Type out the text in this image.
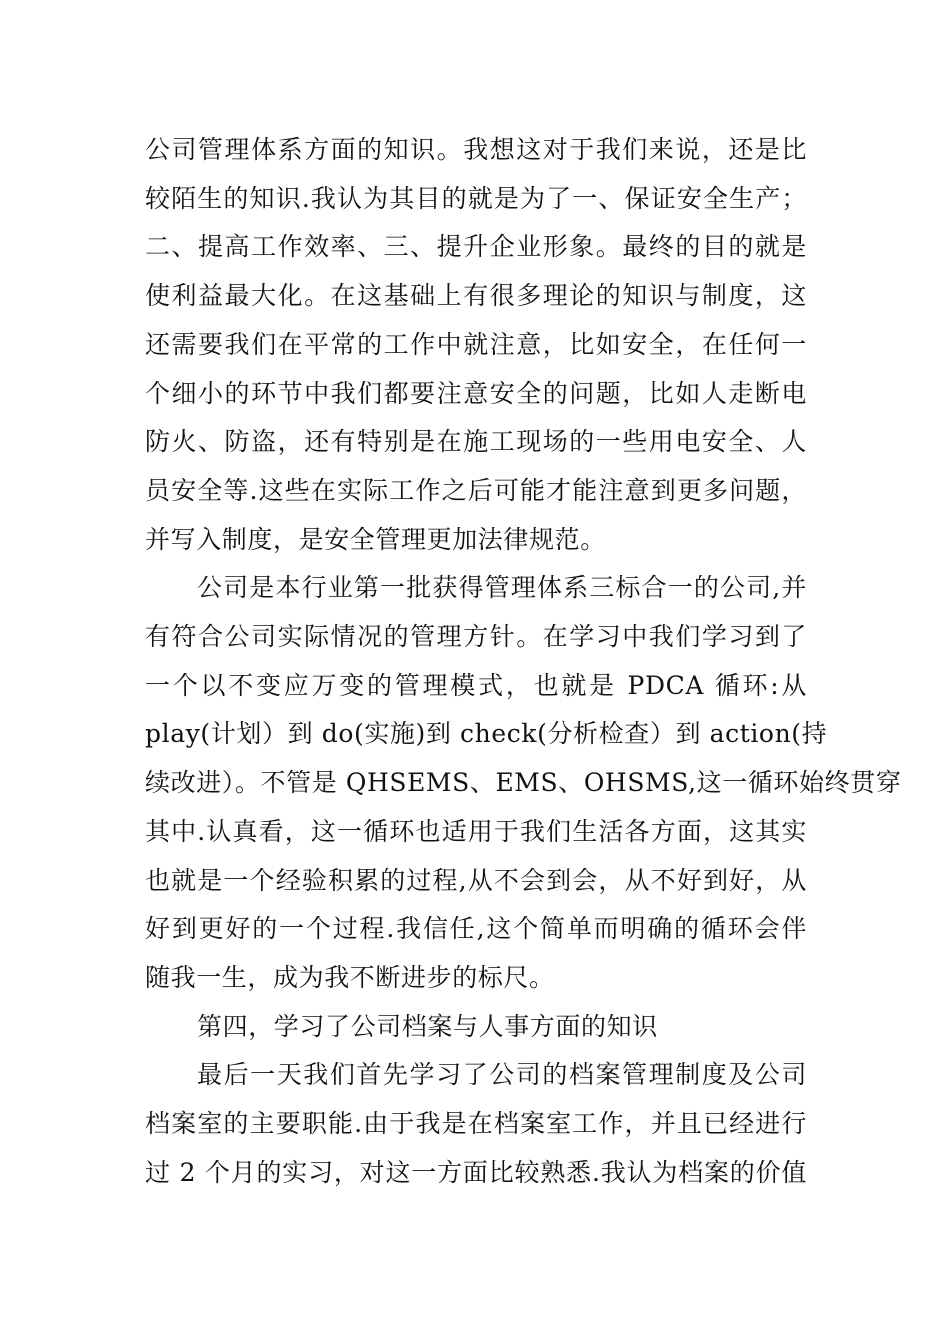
公司管理体系方面的知识。我想这对于我们来说，还是比
较陌生的知识.我认为其目的就是为了一、保证安全生产；
二、提高工作效率、三、提升企业形象。最终的目的就是
使利益最大化。在这基础上有很多理论的知识与制度，这
还需要我们在平常的工作中就注意，比如安全，在任何一
个细小的环节中我们都要注意安全的问题，比如人走断电
防火、防盗，还有特别是在施工现场的一些用电安全、人
员安全等.这些在实际工作之后可能才能注意到更多问题，
并写入制度，是安全管理更加法律规范。
公司是本行业第一批获得管理体系三标合一的公司,并
有符合公司实际情况的管理方针。在学习中我们学习到了
一个以不变应万变的管理模式，也就是 PDCA 循环:从
play(计划）到 do(实施)到 check(分析检查）到 action(持
续改进）。不管是 QHSEMS、EMS、OHSMS,这一循环始终贯穿
其中.认真看，这一循环也适用于我们生活各方面，这其实
也就是一个经验积累的过程,从不会到会，从不好到好，从
好到更好的一个过程.我信任,这个简单而明确的循环会伴
随我一生，成为我不断进步的标尺。
第四，学习了公司档案与人事方面的知识
最后一天我们首先学习了公司的档案管理制度及公司
档案室的主要职能.由于我是在档案室工作，并且已经进行
过 2 个月的实习，对这一方面比较熟悉.我认为档案的价值
